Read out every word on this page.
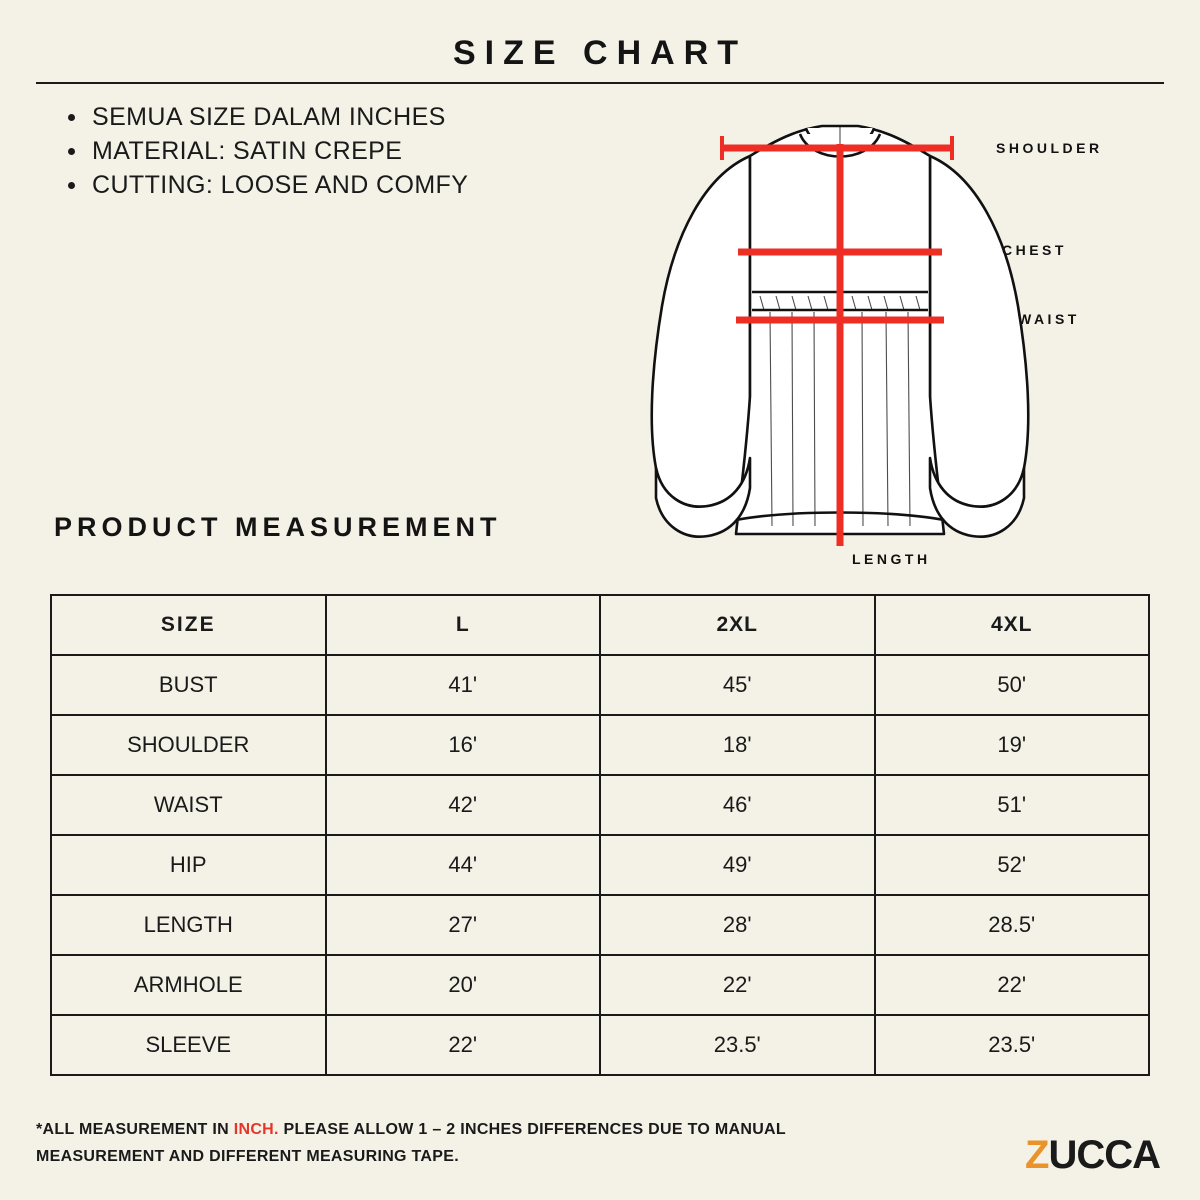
SIZE CHART
SEMUA SIZE DALAM INCHES
MATERIAL: SATIN CREPE
CUTTING: LOOSE AND COMFY
SHOULDER
CHEST
WAIST
LENGTH
PRODUCT MEASUREMENT
SIZE	L	2XL	4XL
BUST	41'	45'	50'
SHOULDER	16'	18'	19'
WAIST	42'	46'	51'
HIP	44'	49'	52'
LENGTH	27'	28'	28.5'
ARMHOLE	20'	22'	22'
SLEEVE	22'	23.5'	23.5'
*ALL MEASUREMENT IN INCH. PLEASE ALLOW 1 – 2 INCHES DIFFERENCES DUE TO MANUAL MEASUREMENT AND DIFFERENT MEASURING TAPE.	ZUCCA
